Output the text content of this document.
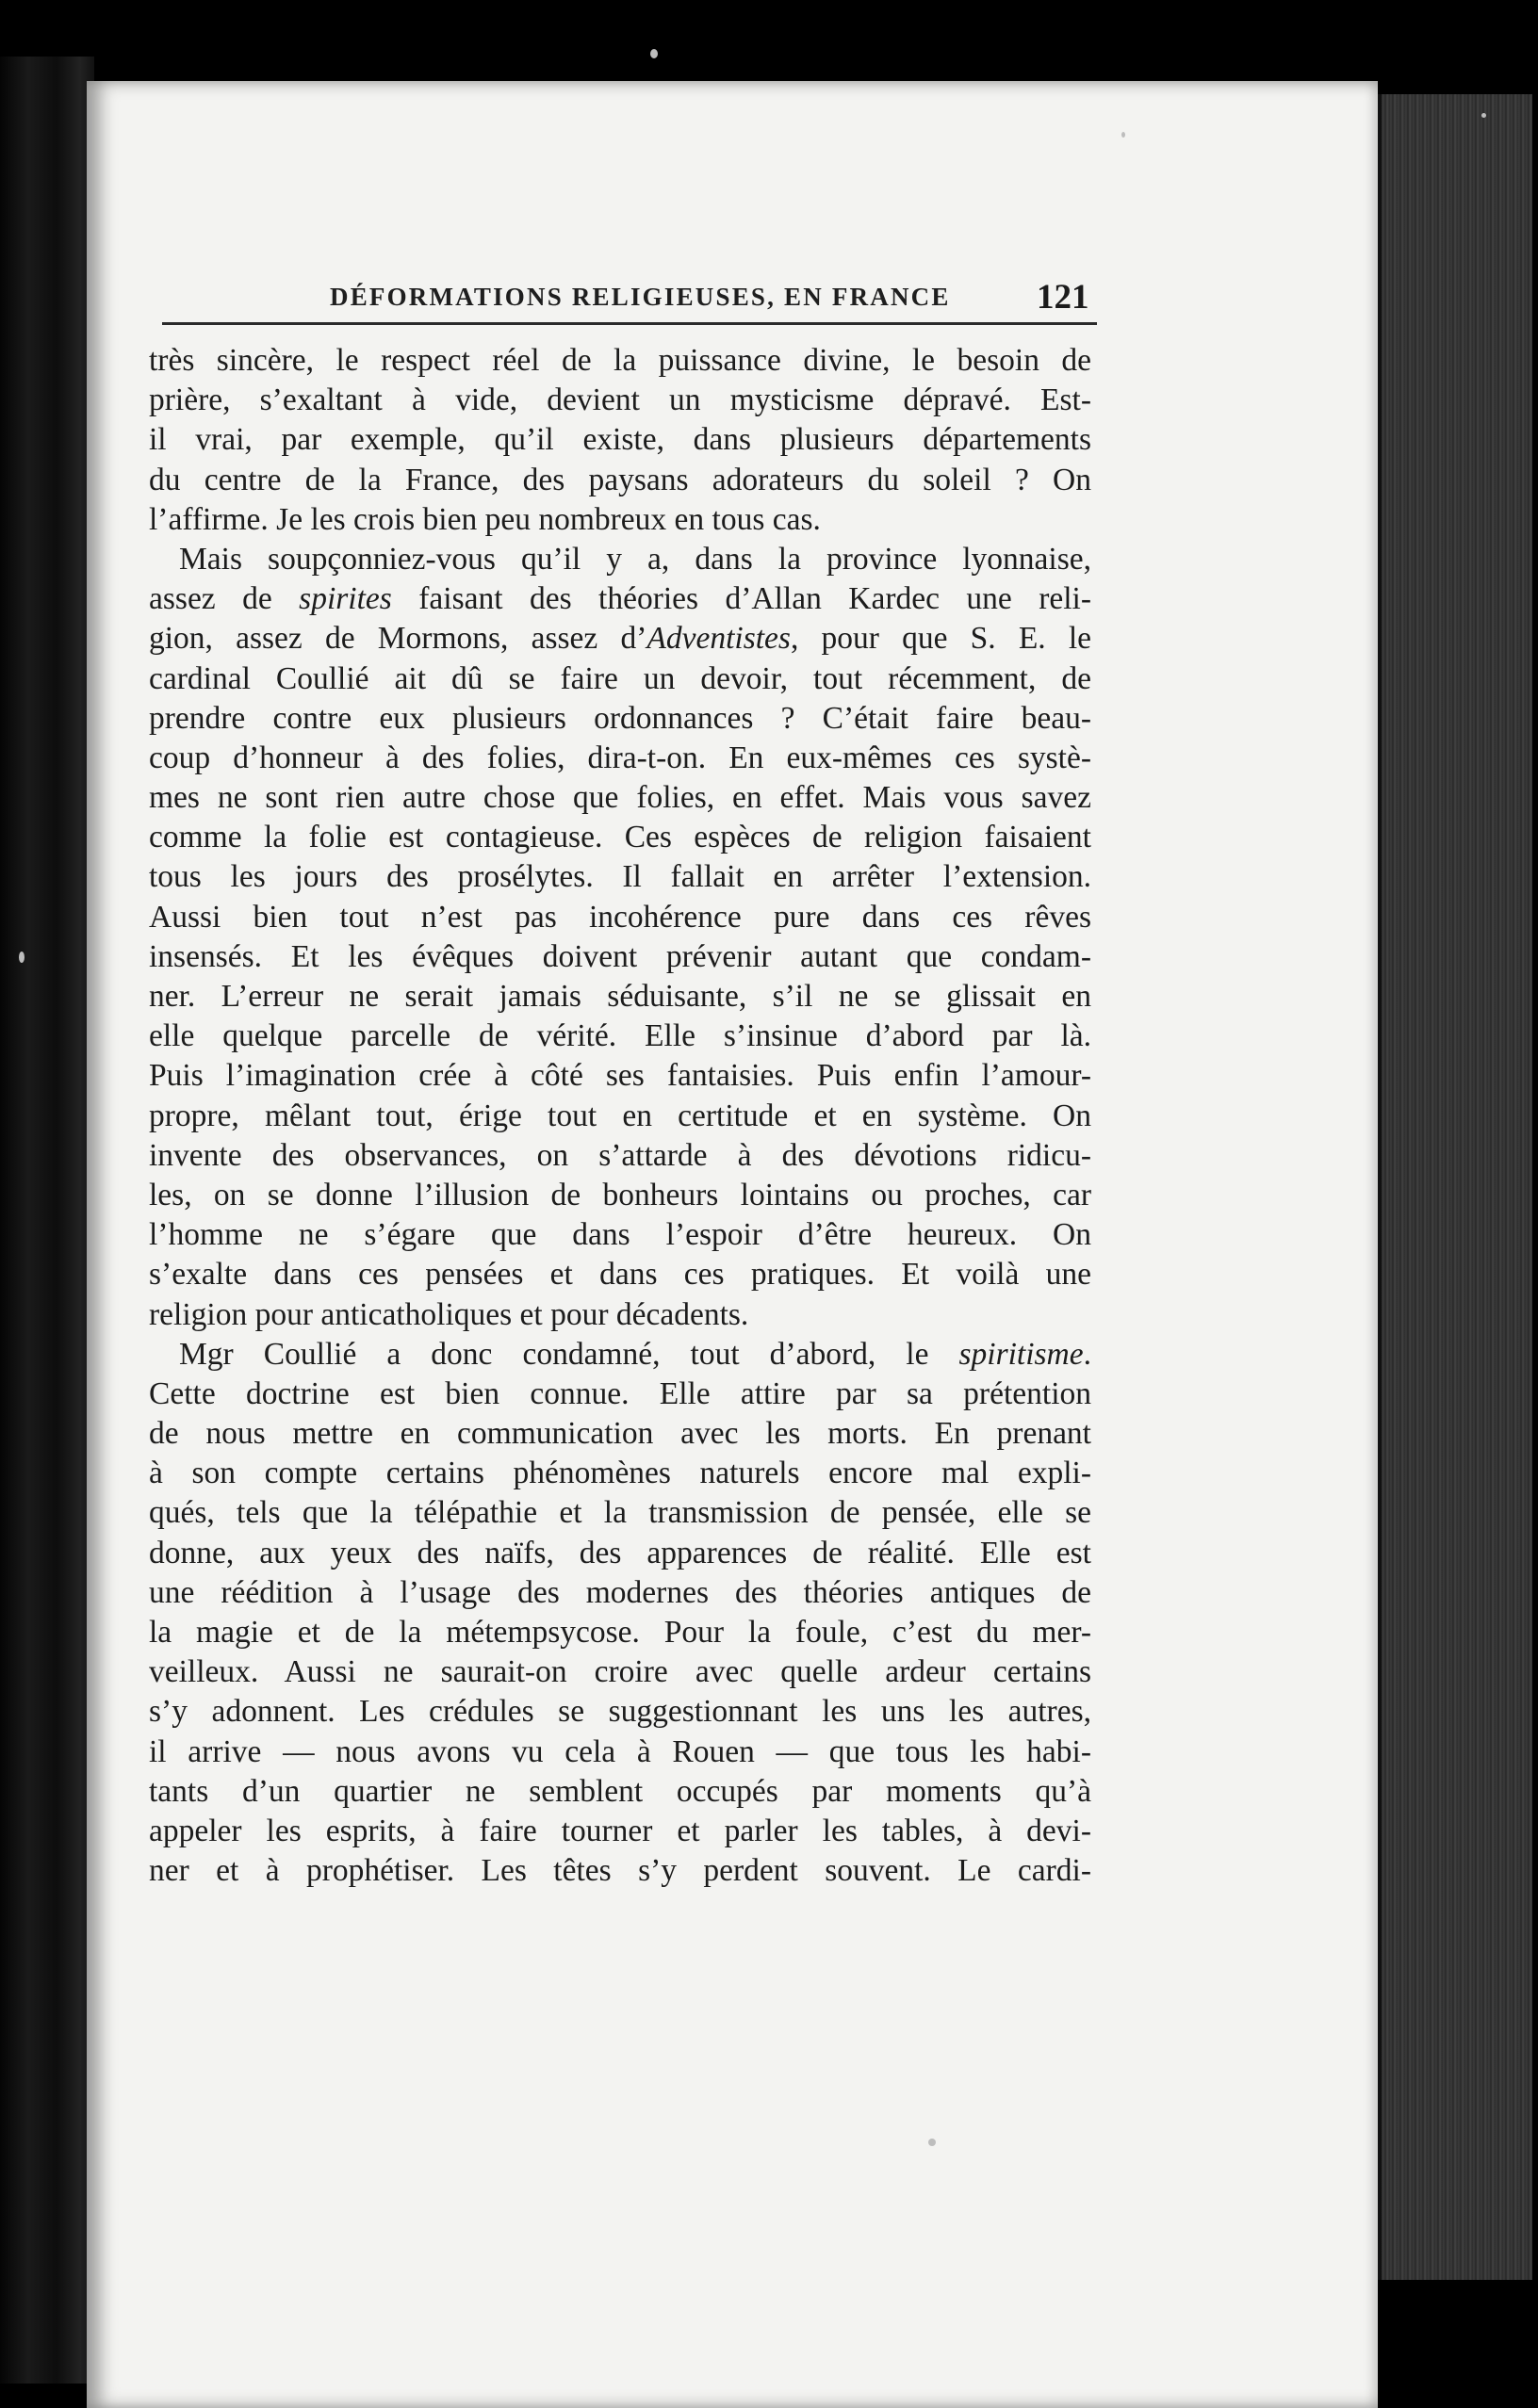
DÉFORMATIONS RELIGIEUSES, EN FRANCE 121
très sincère, le respect réel de la puissance divine, le besoin de
prière, s’exaltant à vide, devient un mysticisme dépravé. Est-
il vrai, par exemple, qu’il existe, dans plusieurs départements
du centre de la France, des paysans adorateurs du soleil ? On
l’affirme. Je les crois bien peu nombreux en tous cas.
Mais soupçonniez-vous qu’il y a, dans la province lyonnaise,
assez de spirites faisant des théories d’Allan Kardec une reli-
gion, assez de Mormons, assez d’Adventistes, pour que S. E. le
cardinal Coullié ait dû se faire un devoir, tout récemment, de
prendre contre eux plusieurs ordonnances ? C’était faire beau-
coup d’honneur à des folies, dira-t-on. En eux-mêmes ces systè-
mes ne sont rien autre chose que folies, en effet. Mais vous savez
comme la folie est contagieuse. Ces espèces de religion faisaient
tous les jours des prosélytes. Il fallait en arrêter l’extension.
Aussi bien tout n’est pas incohérence pure dans ces rêves
insensés. Et les évêques doivent prévenir autant que condam-
ner. L’erreur ne serait jamais séduisante, s’il ne se glissait en
elle quelque parcelle de vérité. Elle s’insinue d’abord par là.
Puis l’imagination crée à côté ses fantaisies. Puis enfin l’amour-
propre, mêlant tout, érige tout en certitude et en système. On
invente des observances, on s’attarde à des dévotions ridicu-
les, on se donne l’illusion de bonheurs lointains ou proches, car
l’homme ne s’égare que dans l’espoir d’être heureux. On
s’exalte dans ces pensées et dans ces pratiques. Et voilà une
religion pour anticatholiques et pour décadents.
Mgr Coullié a donc condamné, tout d’abord, le spiritisme.
Cette doctrine est bien connue. Elle attire par sa prétention
de nous mettre en communication avec les morts. En prenant
à son compte certains phénomènes naturels encore mal expli-
qués, tels que la télépathie et la transmission de pensée, elle se
donne, aux yeux des naïfs, des apparences de réalité. Elle est
une réédition à l’usage des modernes des théories antiques de
la magie et de la métempsycose. Pour la foule, c’est du mer-
veilleux. Aussi ne saurait-on croire avec quelle ardeur certains
s’y adonnent. Les crédules se suggestionnant les uns les autres,
il arrive — nous avons vu cela à Rouen — que tous les habi-
tants d’un quartier ne semblent occupés par moments qu’à
appeler les esprits, à faire tourner et parler les tables, à devi-
ner et à prophétiser. Les têtes s’y perdent souvent. Le cardi-
